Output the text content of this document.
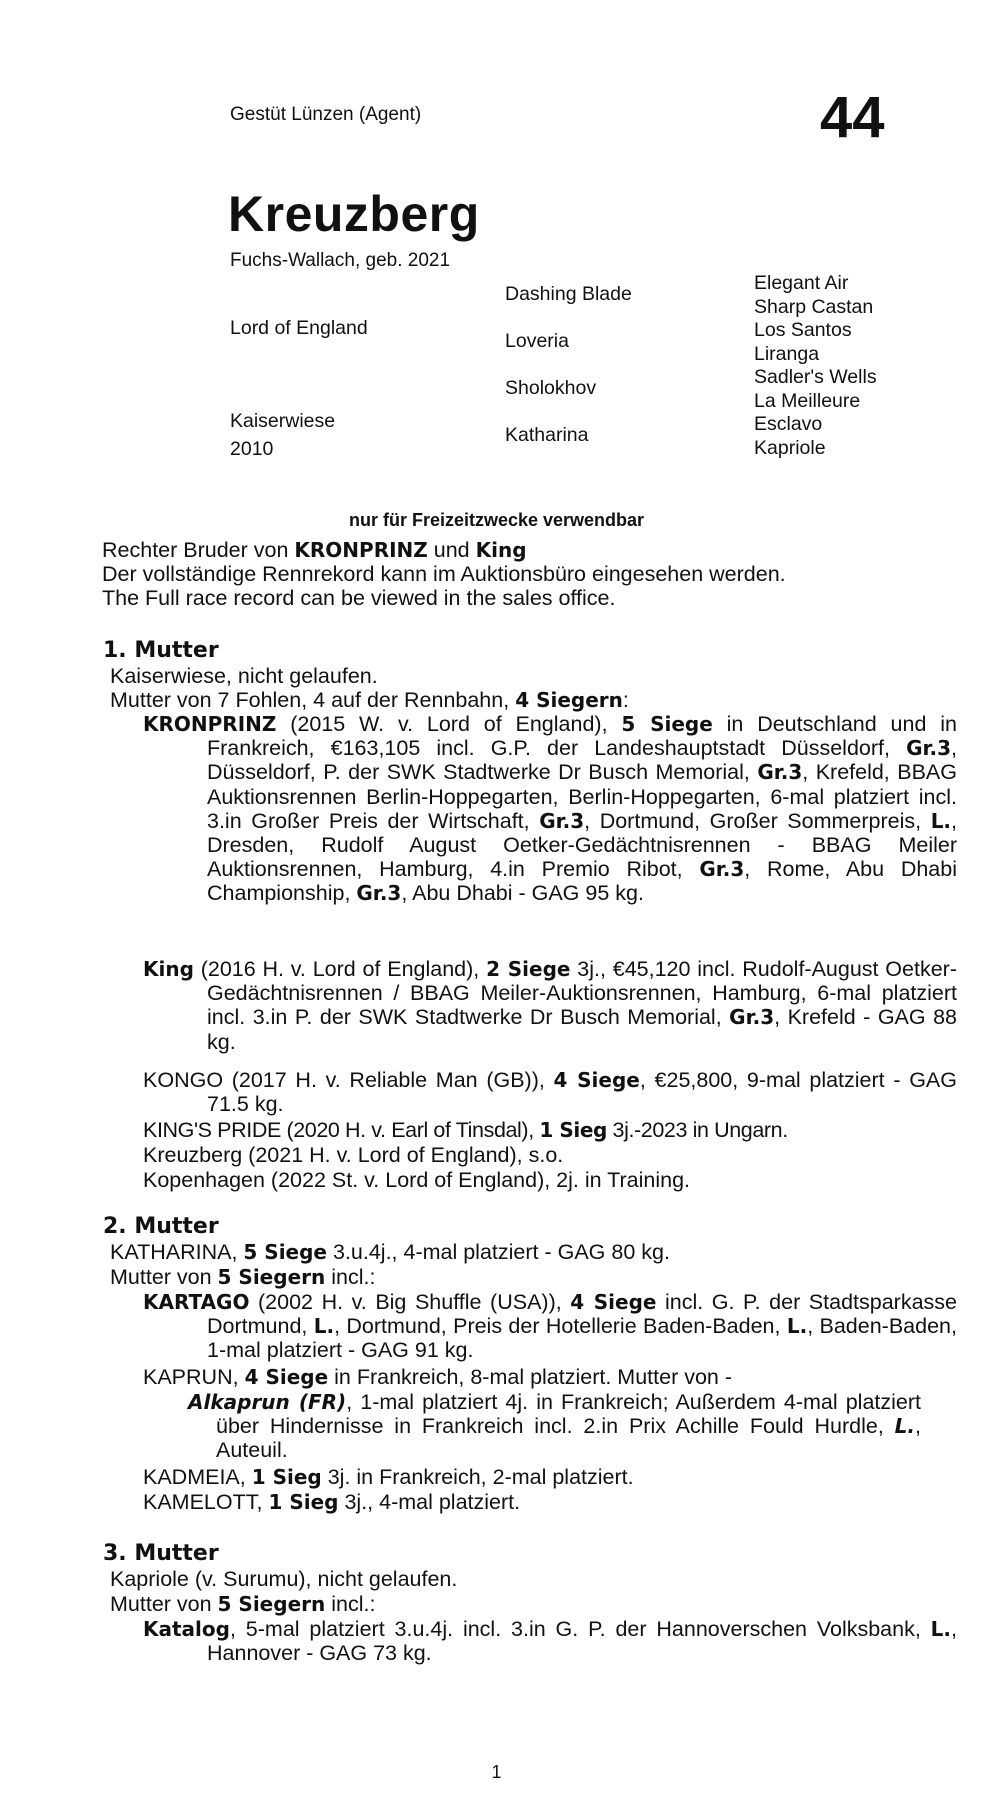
Gestüt Lünzen (Agent)	44
Kreuzberg
Fuchs-Wallach, geb. 2021
Lord of England
Kaiserwiese
2010
Dashing Blade
Loveria
Sholokhov
Katharina
Elegant Air
Sharp Castan
Los Santos
Liranga
Sadler's Wells
La Meilleure
Esclavo
Kapriole
nur für Freizeitzwecke verwendbar
Rechter Bruder von KRONPRINZ und King
Der vollständige Rennrekord kann im Auktionsbüro eingesehen werden.
The Full race record can be viewed in the sales office.
1. Mutter
Kaiserwiese, nicht gelaufen.
Mutter von 7 Fohlen, 4 auf der Rennbahn, 4 Siegern:
KRONPRINZ (2015 W. v. Lord of England), 5 Siege in Deutschland und in Frankreich, €163,105 incl. G.P. der Landeshauptstadt Düsseldorf, Gr.3, Düsseldorf, P. der SWK Stadtwerke Dr Busch Memorial, Gr.3, Krefeld, BBAG Auktionsrennen Berlin-Hoppegarten, Berlin-Hoppegarten, 6-mal platziert incl. 3.in Großer Preis der Wirtschaft, Gr.3, Dortmund, Großer Sommerpreis, L., Dresden, Rudolf August Oetker-Gedächtnisrennen - BBAG Meiler Auktionsrennen, Hamburg, 4.in Premio Ribot, Gr.3, Rome, Abu Dhabi Championship, Gr.3, Abu Dhabi - GAG 95 kg.
King (2016 H. v. Lord of England), 2 Siege 3j., €45,120 incl. Rudolf-August Oetker-Gedächtnisrennen / BBAG Meiler-Auktionsrennen, Hamburg, 6-mal platziert incl. 3.in P. der SWK Stadtwerke Dr Busch Memorial, Gr.3, Krefeld - GAG 88 kg.
KONGO (2017 H. v. Reliable Man (GB)), 4 Siege, €25,800, 9-mal platziert - GAG 71.5 kg.
KING'S PRIDE (2020 H. v. Earl of Tinsdal), 1 Sieg 3j.-2023 in Ungarn.
Kreuzberg (2021 H. v. Lord of England), s.o.
Kopenhagen (2022 St. v. Lord of England), 2j. in Training.
2. Mutter
KATHARINA, 5 Siege 3.u.4j., 4-mal platziert - GAG 80 kg.
Mutter von 5 Siegern incl.:
KARTAGO (2002 H. v. Big Shuffle (USA)), 4 Siege incl. G. P. der Stadtsparkasse Dortmund, L., Dortmund, Preis der Hotellerie Baden-Baden, L., Baden-Baden, 1-mal platziert - GAG 91 kg.
KAPRUN, 4 Siege in Frankreich, 8-mal platziert. Mutter von -
Alkaprun (FR), 1-mal platziert 4j. in Frankreich; Außerdem 4-mal platziert über Hindernisse in Frankreich incl. 2.in Prix Achille Fould Hurdle, L., Auteuil.
KADMEIA, 1 Sieg 3j. in Frankreich, 2-mal platziert.
KAMELOTT, 1 Sieg 3j., 4-mal platziert.
3. Mutter
Kapriole (v. Surumu), nicht gelaufen.
Mutter von 5 Siegern incl.:
Katalog, 5-mal platziert 3.u.4j. incl. 3.in G. P. der Hannoverschen Volksbank, L., Hannover - GAG 73 kg.
1
